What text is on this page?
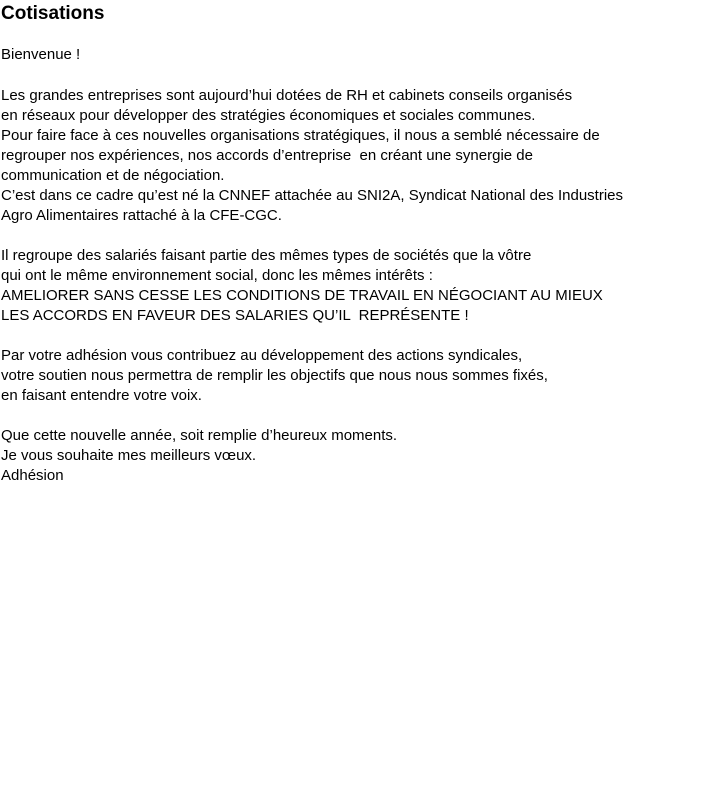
Cotisations
Bienvenue !
Les grandes entreprises sont aujourd’hui dotées de RH et cabinets conseils organisés
en réseaux pour développer des stratégies économiques et sociales communes.
Pour faire face à ces nouvelles organisations stratégiques, il nous a semblé nécessaire de
regrouper nos expériences, nos accords d’entreprise  en créant une synergie de
communication et de négociation.
C’est dans ce cadre qu’est né la CNNEF attachée au SNI2A, Syndicat National des Industries
Agro Alimentaires rattaché à la CFE-CGC.
Il regroupe des salariés faisant partie des mêmes types de sociétés que la vôtre
qui ont le même environnement social, donc les mêmes intérêts :
AMELIORER SANS CESSE LES CONDITIONS DE TRAVAIL EN NÉGOCIANT AU MIEUX
LES ACCORDS EN FAVEUR DES SALARIES QU’IL  REPRÉSENTE !
Par votre adhésion vous contribuez au développement des actions syndicales,
votre soutien nous permettra de remplir les objectifs que nous nous sommes fixés,
en faisant entendre votre voix.
Que cette nouvelle année, soit remplie d’heureux moments.
Je vous souhaite mes meilleurs vœux.
Adhésion
